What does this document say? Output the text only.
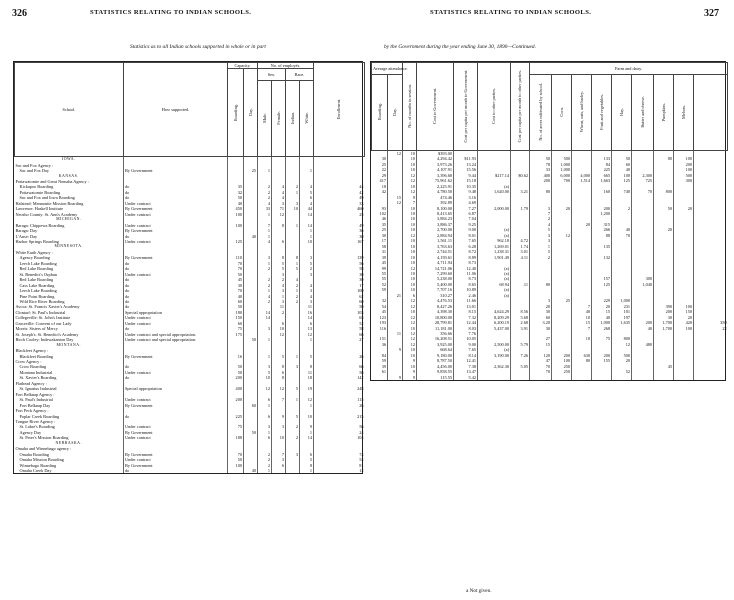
326	STATISTICS RELATING TO INDIAN SCHOOLS.
Statistics as to all Indian schools supported in whole or in part
School.	How supported.	Capacity.		No. of employés.				Enrollment.
		Boarding.	Day.	Sex.		Race.		
				Male.	Female.	Indian.	White.	
IOWA.								
Sac and Fox Agency :								
Sac and Fox Day	By Government		25	1			1	
KANSAS.								
Pottawatomie and Great Nemaha Agency :								
Kickapoo Boarding	do	35		2	4	2	4	44
Pottawatomie Boarding	do	32		2	4	1	5	42
Sac and Fox and Iowa Boarding	do	50		2	4		6	49
Halstead: Mennonite Mission Boarding	Under contract	40		4	3	3	4	33
Lawrence: Haskell Institute	By Government	450		33	71	10	44	460
Neosho County: St. Ann's Academy	Under contract	100		1	12		14	25
MICHIGAN.								
Baraga: Chippewa Boarding	Under contract	100		7	8	1	14	49
Baraga: Day	By Government			1			1	36
L'Anse: Day	do		40	1			1	30
Harbor Springs Boarding	Under contract	125		4	6		10	167
MINNESOTA.								
White Earth Agency :								
Agency Boarding	By Government	110		3	8	8	3	139
Leech Lake Boarding	do	70		1	5	1	5	56
Red Lake Boarding	do	70		2	5	5	2	58
St. Benedict's Orphan	Under contract	50			3		3	30
Red Lake Boarding	do	45		2	2	4		30
Cass Lake Boarding	do	30		2	4	2	4	17
Leech Lake Boarding	do	70		1	3	1	3	100
Pine Point Boarding	do	40		4	1	2	4	62
Wild Rice River Boarding	do	60		2	3	2	3	60
Avoca: St. Francis Xavier's Academy	do	50			11		11	50
Clontarf: St. Paul's Industrial	Special appropriation	180		14	2		16	103
Collegeville: St. John's Institute	Under contract	150		14			14	65
Graceville: Convent of our Lady	Under contract	60			6		6	52
Morris: Sisters of Mercy	do	75		3	10		13	58
St. Joseph's: St. Benedict's Academy	Under contract and special appropriation.	175			12		12	66
Birch Cooley: Indewakanton Day	Under contract and special appropriation.		50	1			1	27
MONTANA.								
Blackfeet Agency :								
Blackfeet Boarding	By Government	16		1	5	1	5	26
Crow Agency :								
Crow Boarding	do	50		3	8	3	8	66
Montana Industrial	Under contract	50		5	6		11	56
St. Xavier's Boarding	do	200		10	8		18	142
Flathead Agency :								
St. Ignatius Industrial	Special appropriation	400		12	12	5	19	248
Fort Belknap Agency :								
St. Paul's Industrial	Under contract	200		6	7	1	12	115
Fort Belknap Day	By Government		60	1			1	26
Fort Peck Agency :								
Poplar Creek Boarding	do	225		6	9	5	10	215
Tongue River Agency :								
St. Labre's Boarding	Under contract	75		3	3	2	9	56
Agency Day	By Government		50	1			1	24
St. Peter's Mission Boarding	Under contract	188		6	10	2	14	104
NEBRASKA.								
Omaha and Winnebago agency :								
Omaha Boarding	By Government	70		2	7	3	6	74
Omaha Mission Boarding	Under contract	50		2	3		5	54
Winnebago Boarding	By Government	100		2	6		8	81
Omaha Creek Day	do		40	1			1	12
by the Government during the year ending June 30, 1890—Continued.
STATISTICS RELATING TO INDIAN SCHOOLS.	327
Average attendance.		No. of months in session.	Cost to Government.	Cost per capita per month to Government.	Cost to other parties.	Cost per capita per month to other parties.	Farm and dairy.								
Boarding.	Day.						No. of acres cultivated by school.	Corn.	Wheat, oats, and barley.	Fruit and vegetables.	Hay.	Butter and cheese.	Pumpkins.	Melons.	

	12	10	$393.00												

30		10	4,294.42	$11.93			50	500		133	50		80	100	
25		10	3,973.26	13.24			78	1,000		84	60			200	
22		10	4,107.91	15.56			33	1,000		225	40			100	
29		12	3,396.68	9.44	$217.14	$0.62	400	6,000	4,000	665	100	2,300		500	
417		12	75,961.62	15.18			200	700	1,514	1,663	125	725		300	
18		10	2,225.91	10.35	(a)										

42		12	4,780.50	9.48	1,620.00	3.21	80			160	740	70	800		
	15	9	474.46	3.16											
	12	7	392.89	4.69											
93		10	8,100.00	7.27	2,000.00	1.79	3	20		200	2		50	20	

102		10	8,413.65	6.87			7			1,200					
46		10	3,884.23	7.04			2								
35		10	3,886.37	9.25			4		20	315					
25		10	2,700.00	9.00	(a)		5			266	40		20		
30		12	2,884.94	8.01	(a)		3	12		88	70				
17		10	1,561.11	7.65	962.18	4.72	3								
58		10	3,763.63	6.28	1,269.01	1.74	1			135					
31		10	2,744.51	8.72	1,238.31	3.01	5								
39		10	4,159.61	8.89	1,901.49	4.11	2			132					
45		10	4,711.94	8.73											
99		12	14,721.06	12.40	(a)										
55		10	7,299.60	11.06	(a)										
55		10	5,238.00	8.73	(a)					157		300			
52		10	5,400.00	8.65	68.94	.11	80			125		1,040			
59		10	7,707.16	10.89	(a)										
	21	6	310.27	2.46	(a)										

32		12	4,476.53	11.66			3	25		229	1,000				

54		12	8,427.26	13.01			20		7	20	231		390	100	
45		10	4,398.30	8.15	4,624.29	8.56	30		40	15	101		200	150	
123		12	10,800.00	7.32	8,209.29	5.68	60		10	40	197		30	20	

193		12	28,799.81	12.44	6,200.19	2.68	3.20		15	1,000	1,635	200	1,700	420	350

116		10	11,181.00	8.03	5,437.00	3.91	30		7	268		40	1,700	100	22
	11	12	356.66	7.76											

151		12	16,208.51	10.05			27		10	75	800				

36		12	3,925.00	9.00	2,500.00	5.79	15				12	480			
	9	10	668.64	7.65	(a)										
84		10	9,180.00	8.14	3,190.00	7.26	120	200	630	200	500				

59		9	8,787.50	12.41			47	100	80	155	20				
39		10	4,456.00	7.38	2,362.30	5.05	70	250					45		
61		9	9,858.55	13.47			70	250			52				
	9	9	115.55	5.42											
a Not given.
